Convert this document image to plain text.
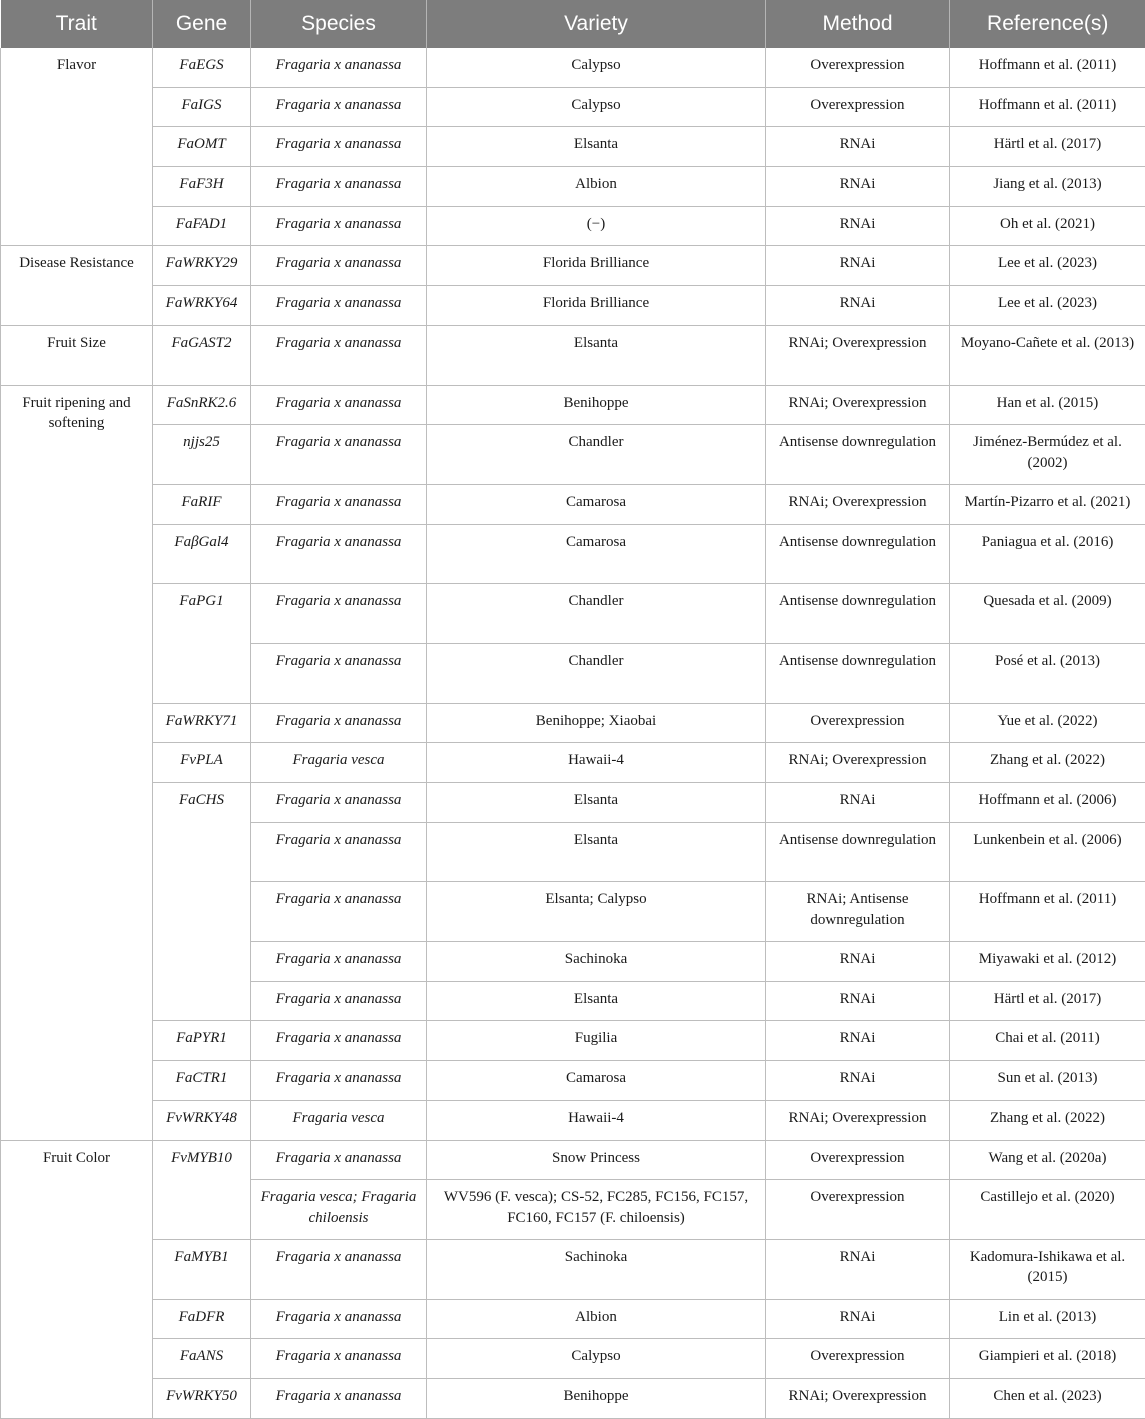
Trait	Gene	Species	Variety	Method	Reference(s)
Flavor	FaEGS	Fragaria x ananassa	Calypso	Overexpression	Hoffmann et al. (2011)
	FaIGS	Fragaria x ananassa	Calypso	Overexpression	Hoffmann et al. (2011)
	FaOMT	Fragaria x ananassa	Elsanta	RNAi	Härtl et al. (2017)
	FaF3H	Fragaria x ananassa	Albion	RNAi	Jiang et al. (2013)
	FaFAD1	Fragaria x ananassa	(−)	RNAi	Oh et al. (2021)
Disease Resistance	FaWRKY29	Fragaria x ananassa	Florida Brilliance	RNAi	Lee et al. (2023)
	FaWRKY64	Fragaria x ananassa	Florida Brilliance	RNAi	Lee et al. (2023)
Fruit Size	FaGAST2	Fragaria x ananassa	Elsanta	RNAi; Overexpression	Moyano-Cañete et al. (2013)
Fruit ripening and softening	FaSnRK2.6	Fragaria x ananassa	Benihoppe	RNAi; Overexpression	Han et al. (2015)
	njjs25	Fragaria x ananassa	Chandler	Antisense downregulation	Jiménez-Bermúdez et al. (2002)
	FaRIF	Fragaria x ananassa	Camarosa	RNAi; Overexpression	Martín-Pizarro et al. (2021)
	FaβGal4	Fragaria x ananassa	Camarosa	Antisense downregulation	Paniagua et al. (2016)
	FaPG1	Fragaria x ananassa	Chandler	Antisense downregulation	Quesada et al. (2009)
		Fragaria x ananassa	Chandler	Antisense downregulation	Posé et al. (2013)
	FaWRKY71	Fragaria x ananassa	Benihoppe; Xiaobai	Overexpression	Yue et al. (2022)
	FvPLA	Fragaria vesca	Hawaii-4	RNAi; Overexpression	Zhang et al. (2022)
	FaCHS	Fragaria x ananassa	Elsanta	RNAi	Hoffmann et al. (2006)
		Fragaria x ananassa	Elsanta	Antisense downregulation	Lunkenbein et al. (2006)
		Fragaria x ananassa	Elsanta; Calypso	RNAi; Antisense downregulation	Hoffmann et al. (2011)
		Fragaria x ananassa	Sachinoka	RNAi	Miyawaki et al. (2012)
		Fragaria x ananassa	Elsanta	RNAi	Härtl et al. (2017)
	FaPYR1	Fragaria x ananassa	Fugilia	RNAi	Chai et al. (2011)
	FaCTR1	Fragaria x ananassa	Camarosa	RNAi	Sun et al. (2013)
	FvWRKY48	Fragaria vesca	Hawaii-4	RNAi; Overexpression	Zhang et al. (2022)
Fruit Color	FvMYB10	Fragaria x ananassa	Snow Princess	Overexpression	Wang et al. (2020a)
		Fragaria vesca; Fragaria chiloensis	WV596 (F. vesca); CS-52, FC285, FC156, FC157, FC160, FC157 (F. chiloensis)	Overexpression	Castillejo et al. (2020)
	FaMYB1	Fragaria x ananassa	Sachinoka	RNAi	Kadomura-Ishikawa et al. (2015)
	FaDFR	Fragaria x ananassa	Albion	RNAi	Lin et al. (2013)
	FaANS	Fragaria x ananassa	Calypso	Overexpression	Giampieri et al. (2018)
	FvWRKY50	Fragaria x ananassa	Benihoppe	RNAi; Overexpression	Chen et al. (2023)
